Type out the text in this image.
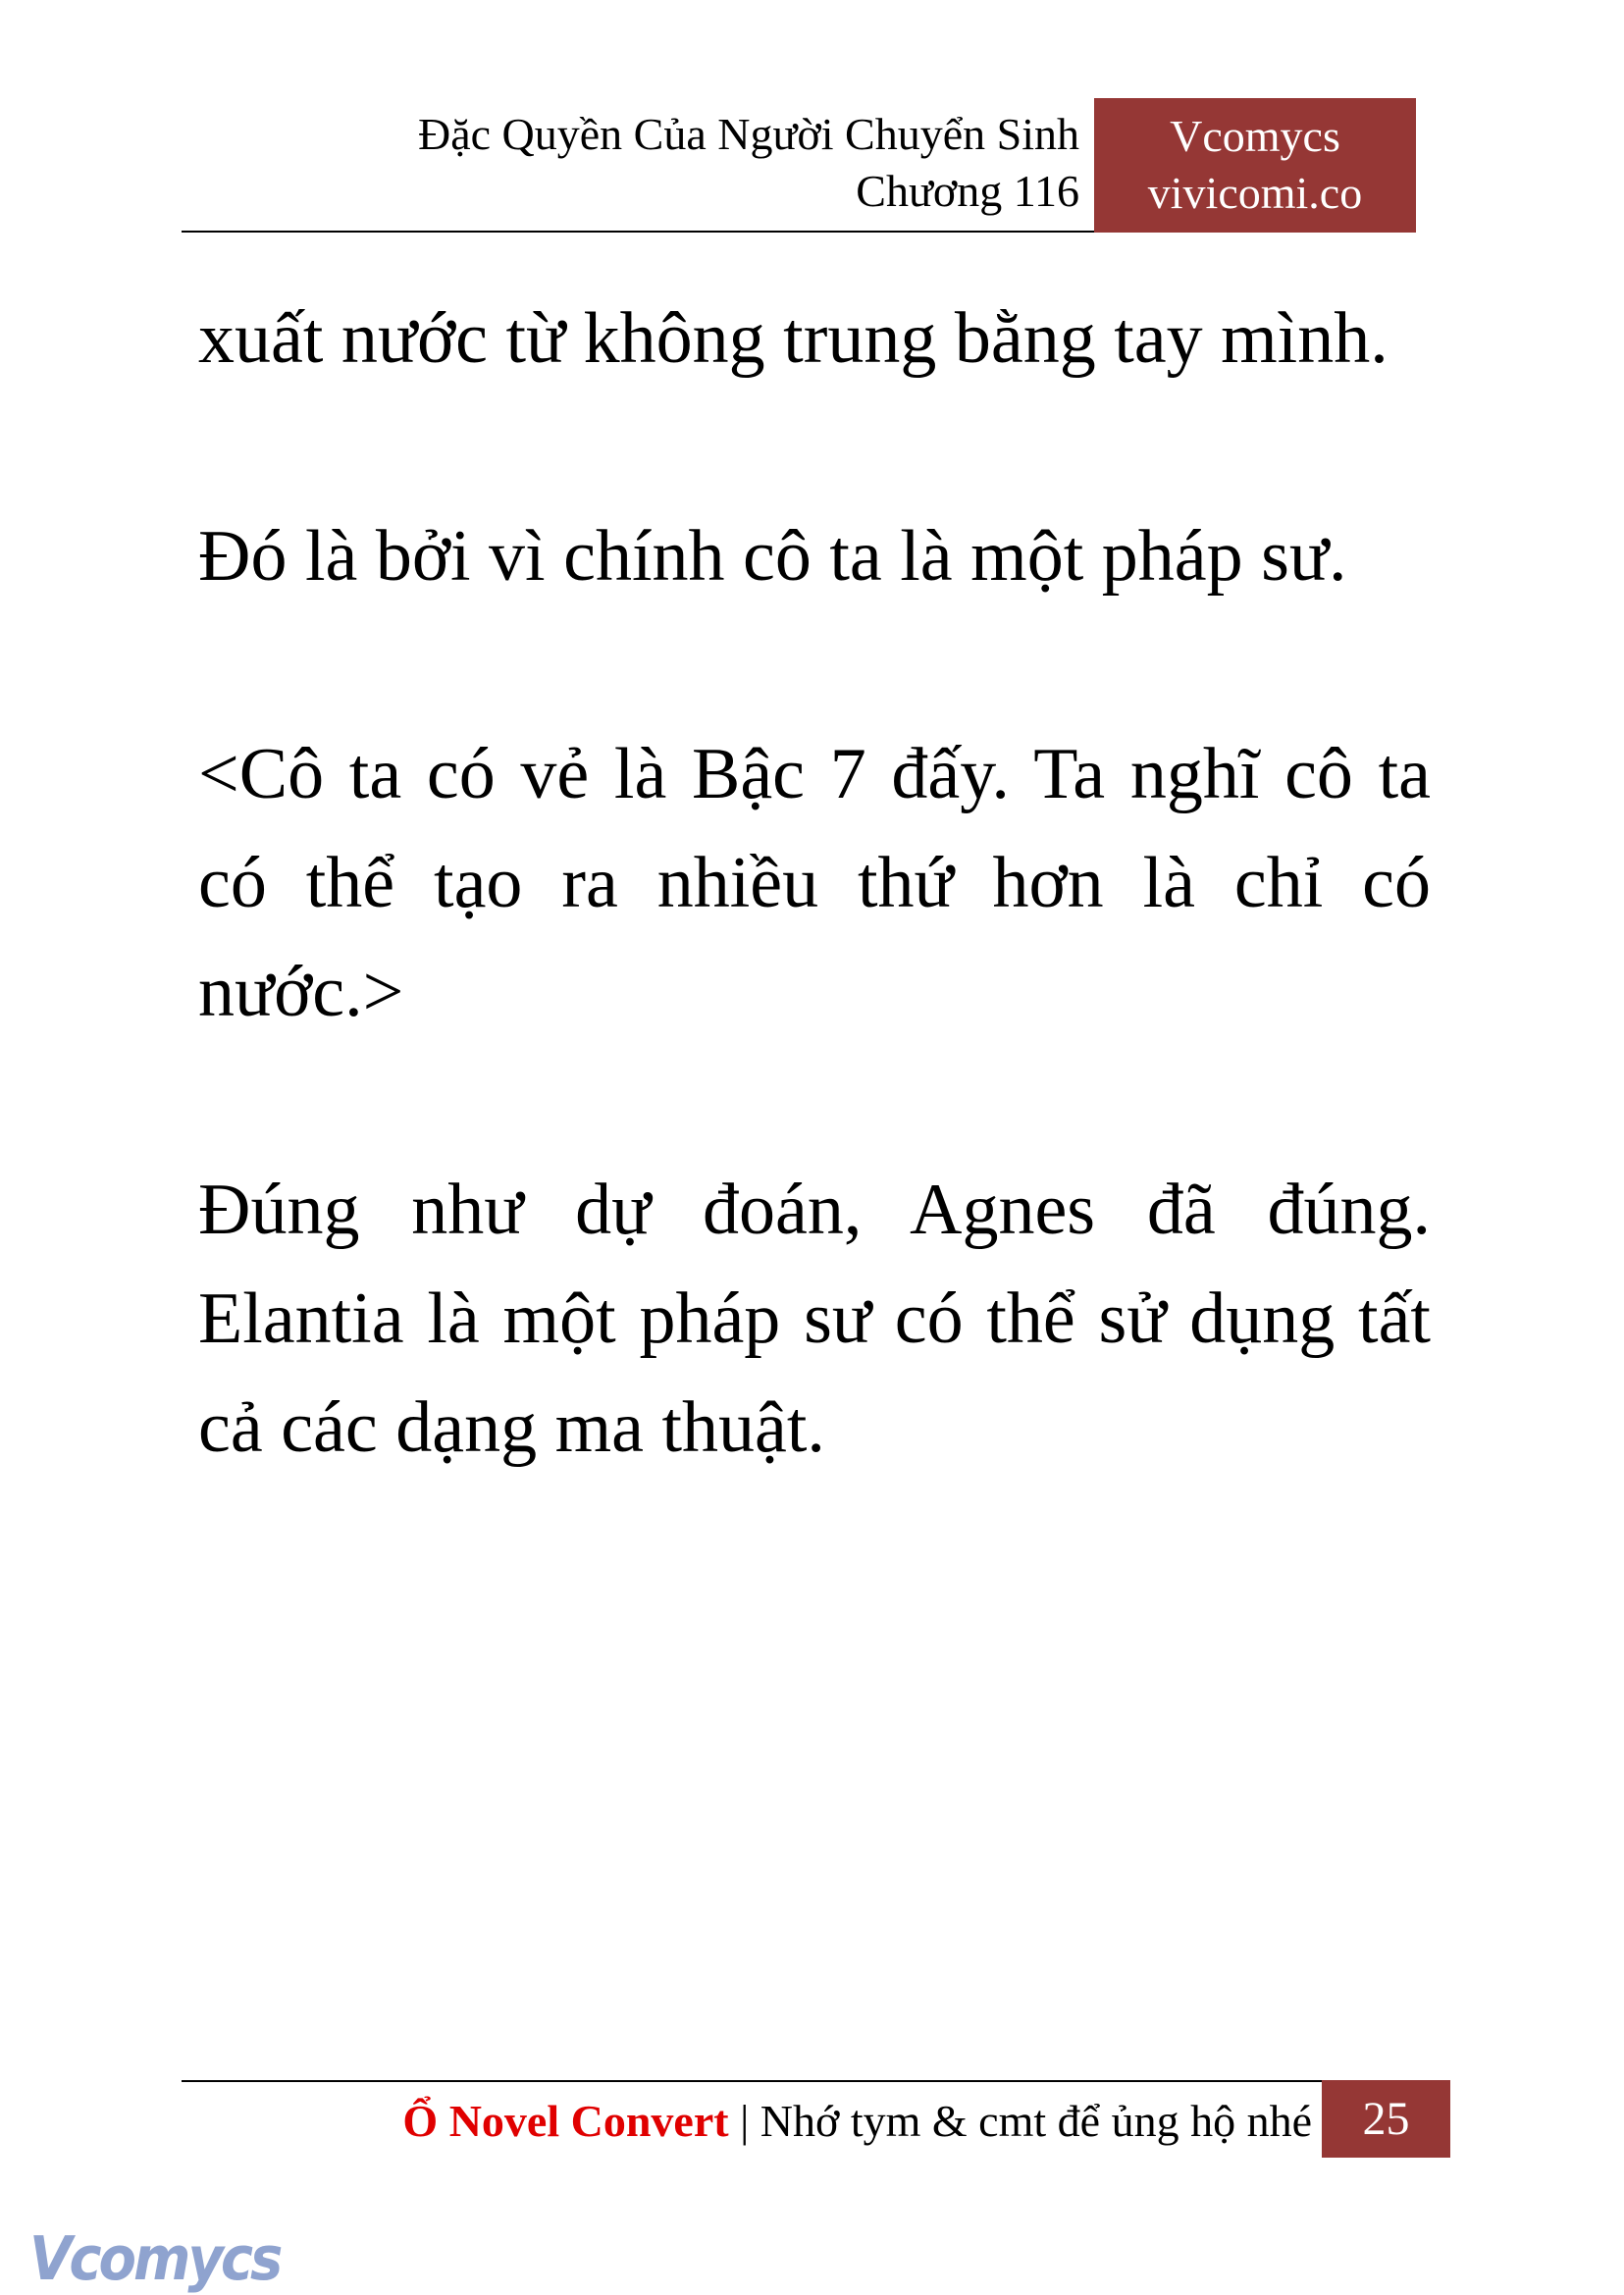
Đặc Quyền Của Người Chuyển Sinh
Chương 116
Vcomycs
vivicomi.co

xuất nước từ không trung bằng tay mình.

Đó là bởi vì chính cô ta là một pháp sư.

<Cô ta có vẻ là Bậc 7 đấy. Ta nghĩ cô ta có thể tạo ra nhiều thứ hơn là chỉ có nước.>

Đúng như dự đoán, Agnes đã đúng. Elantia là một pháp sư có thể sử dụng tất cả các dạng ma thuật.

Ổ Novel Convert | Nhớ tym & cmt để ủng hộ nhé	25
Vcomycs
